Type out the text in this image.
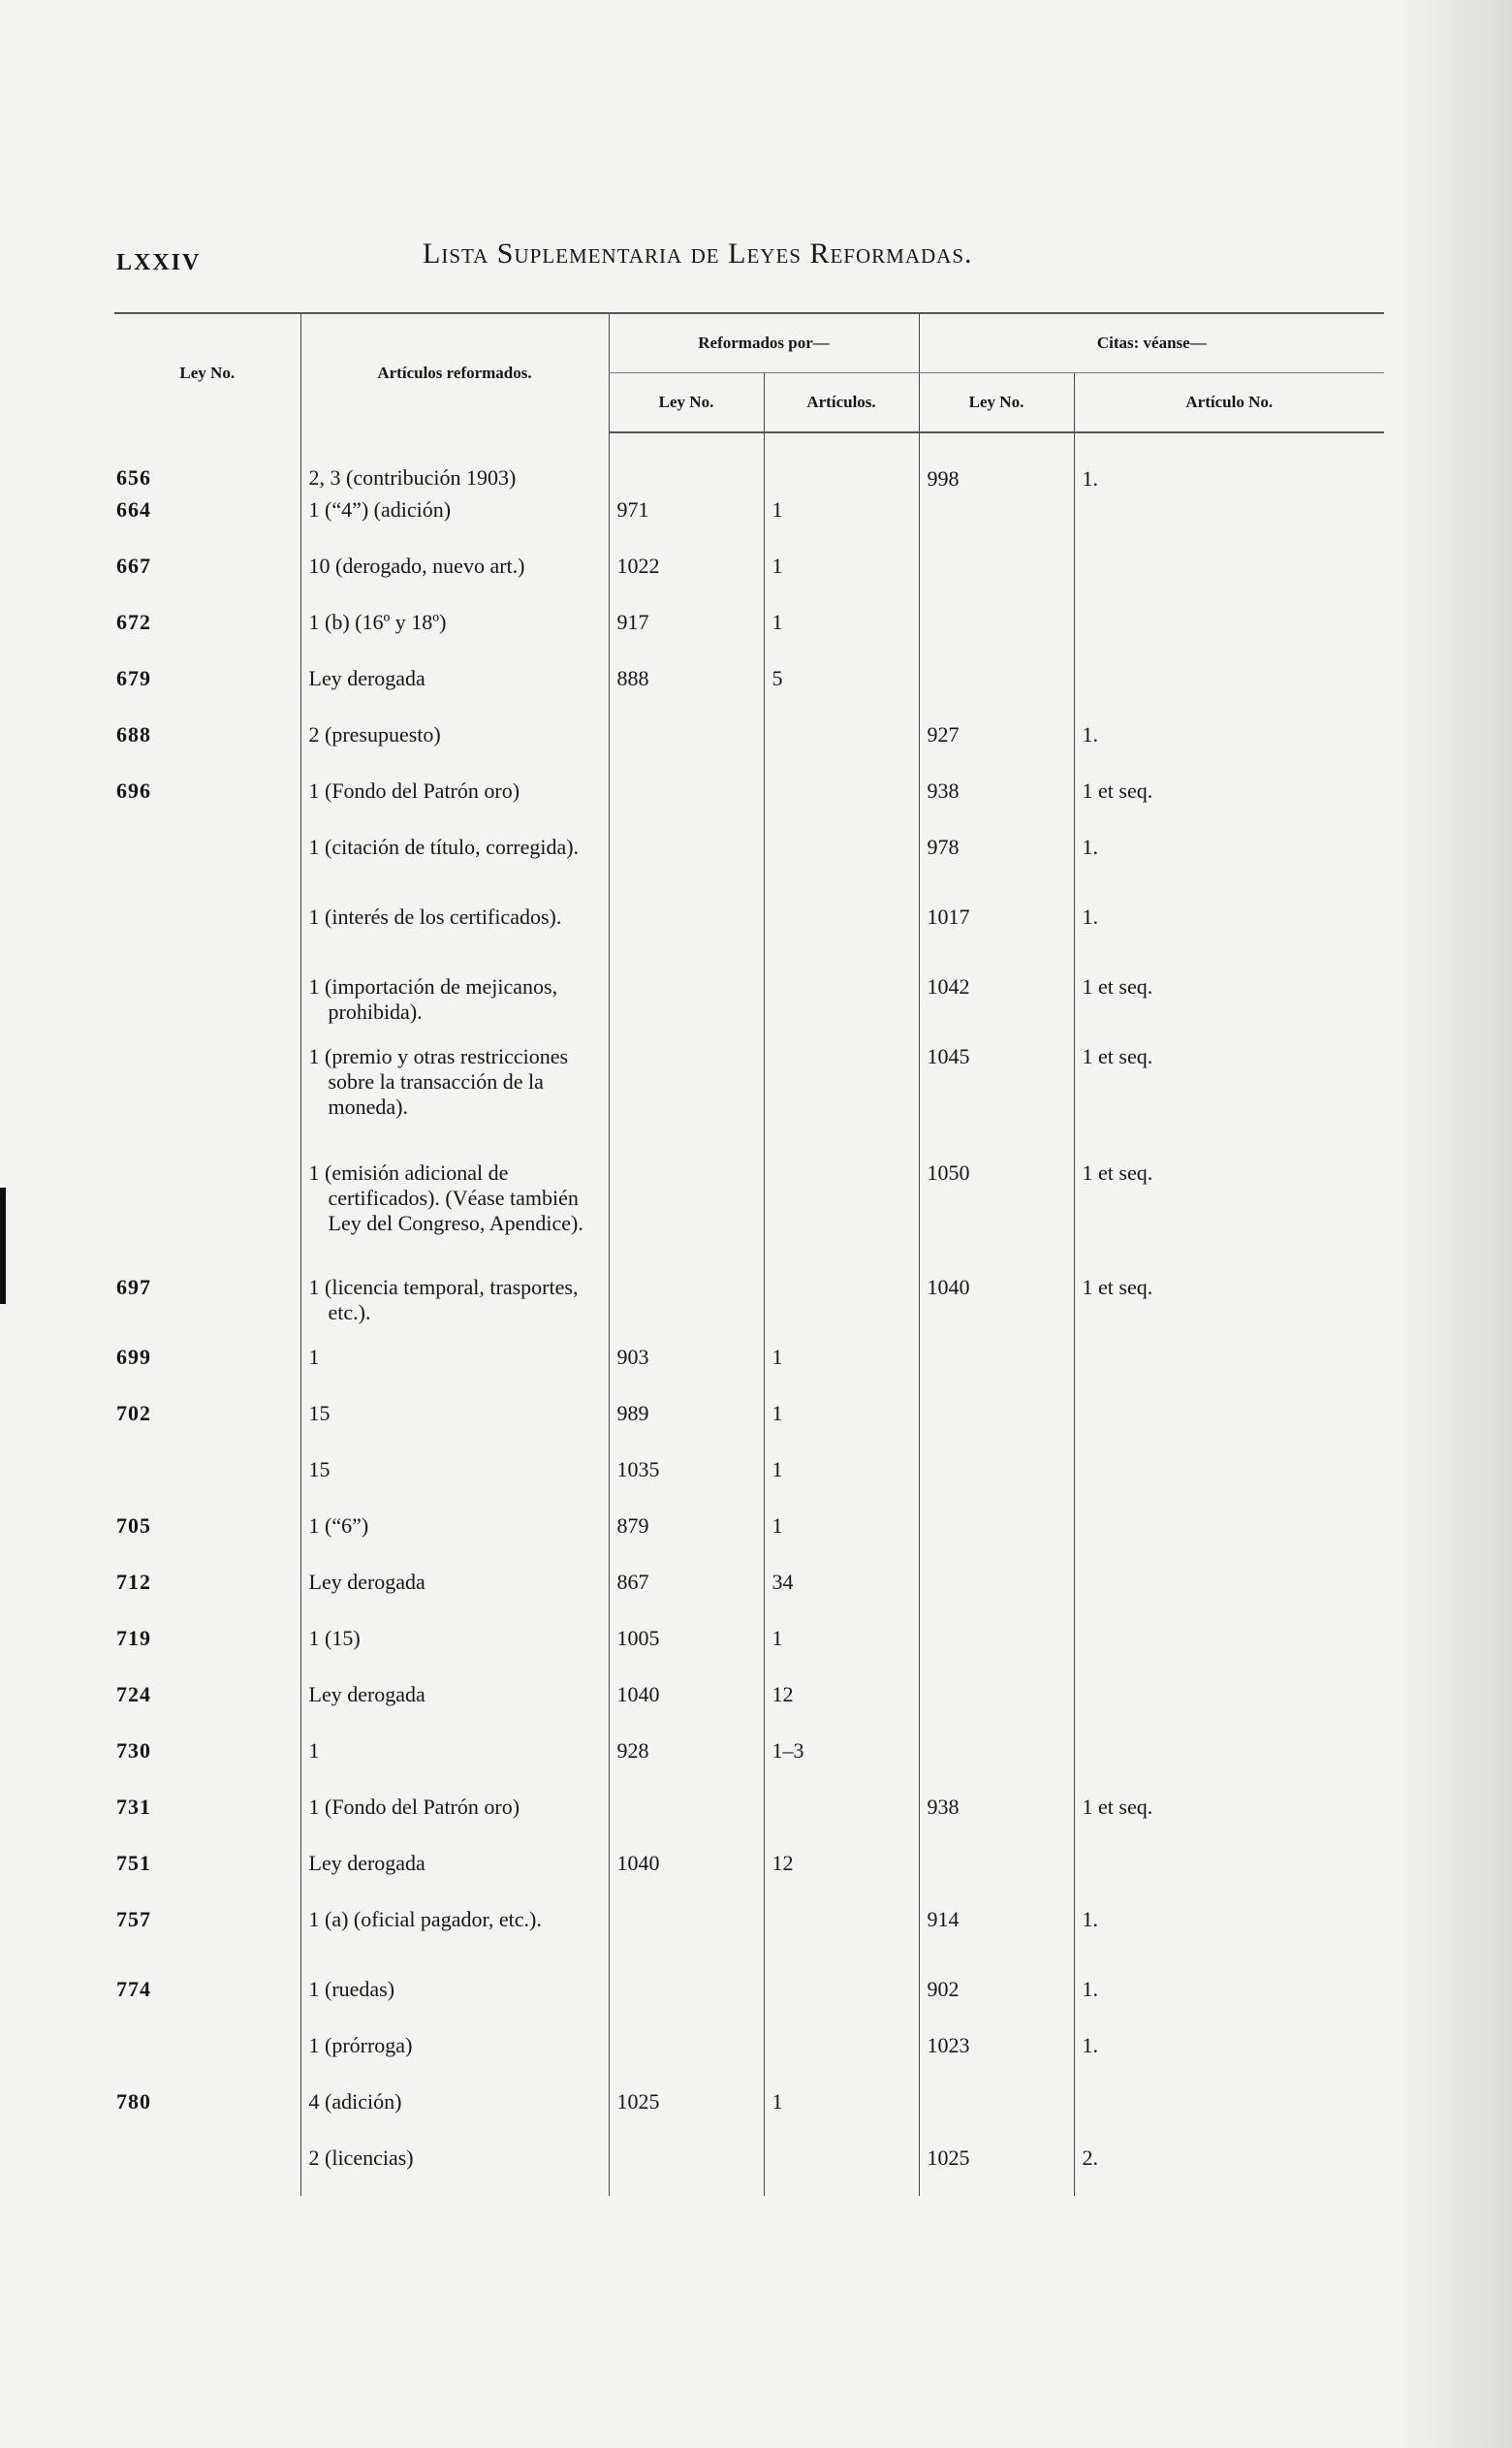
LXXIV	Lista Suplementaria de Leyes Reformadas.
Ley No.	Artículos reformados.	Reformados por—		Citas: véanse—	
		Ley No.	Artículos.	Ley No.	Artículo No.
656	2, 3 (contribución 1903)			998	1.
664	1 (“4”) (adición)	971	1		
667	10 (derogado, nuevo art.)	1022	1		
672	1 (b) (16º y 18º)	917	1		
679	Ley derogada	888	5		
688	2 (presupuesto)			927	1.
696	1 (Fondo del Patrón oro)			938	1 et seq.

	1 (citación de título, corregida).			978	1.

	1 (interés de los certificados).			1017	1.

	1 (importación de mejicanos, prohibida).			1042	1 et seq.

	1 (premio y otras restricciones sobre la transacción de la moneda).			1045	1 et seq.

	1 (emisión adicional de certificados). (Véase también Ley del Congreso, Apendice).			1050	1 et seq.
697	1 (licencia temporal, trasportes, etc.).			1040	1 et seq.
699	1	903	1		
702	15	989	1		

	15	1035	1		
705	1 (“6”)	879	1		
712	Ley derogada	867	34		
719	1 (15)	1005	1		
724	Ley derogada	1040	12		
730	1	928	1–3		
731	1 (Fondo del Patrón oro)			938	1 et seq.
751	Ley derogada	1040	12		
757	1 (a) (oficial pagador, etc.).			914	1.
774	1 (ruedas)			902	1.

	1 (prórroga)			1023	1.
780	4 (adición)	1025	1		

	2 (licencias)			1025	2.
